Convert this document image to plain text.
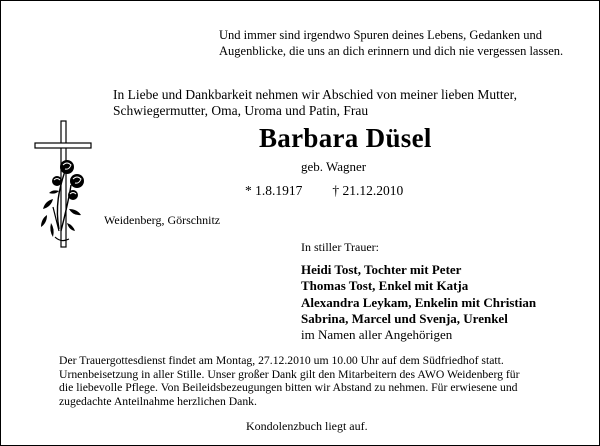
Und immer sind irgendwo Spuren deines Lebens, Gedanken und
Augenblicke, die uns an dich erinnern und dich nie vergessen lassen.
In Liebe und Dankbarkeit nehmen wir Abschied von meiner lieben Mutter,
Schwiegermutter, Oma, Uroma und Patin, Frau
Barbara Düsel
geb. Wagner
* 1.8.1917 † 21.12.2010
Weidenberg, Görschnitz
In stiller Trauer:
Heidi Tost, Tochter mit Peter
Thomas Tost, Enkel mit Katja
Alexandra Leykam, Enkelin mit Christian
Sabrina, Marcel und Svenja, Urenkel
im Namen aller Angehörigen
Der Trauergottesdienst findet am Montag, 27.12.2010 um 10.00 Uhr auf dem Südfriedhof statt.
Urnenbeisetzung in aller Stille. Unser großer Dank gilt den Mitarbeitern des AWO Weidenberg für
die liebevolle Pflege. Von Beileidsbezeugungen bitten wir Abstand zu nehmen. Für erwiesene und
zugedachte Anteilnahme herzlichen Dank.
Kondolenzbuch liegt auf.
